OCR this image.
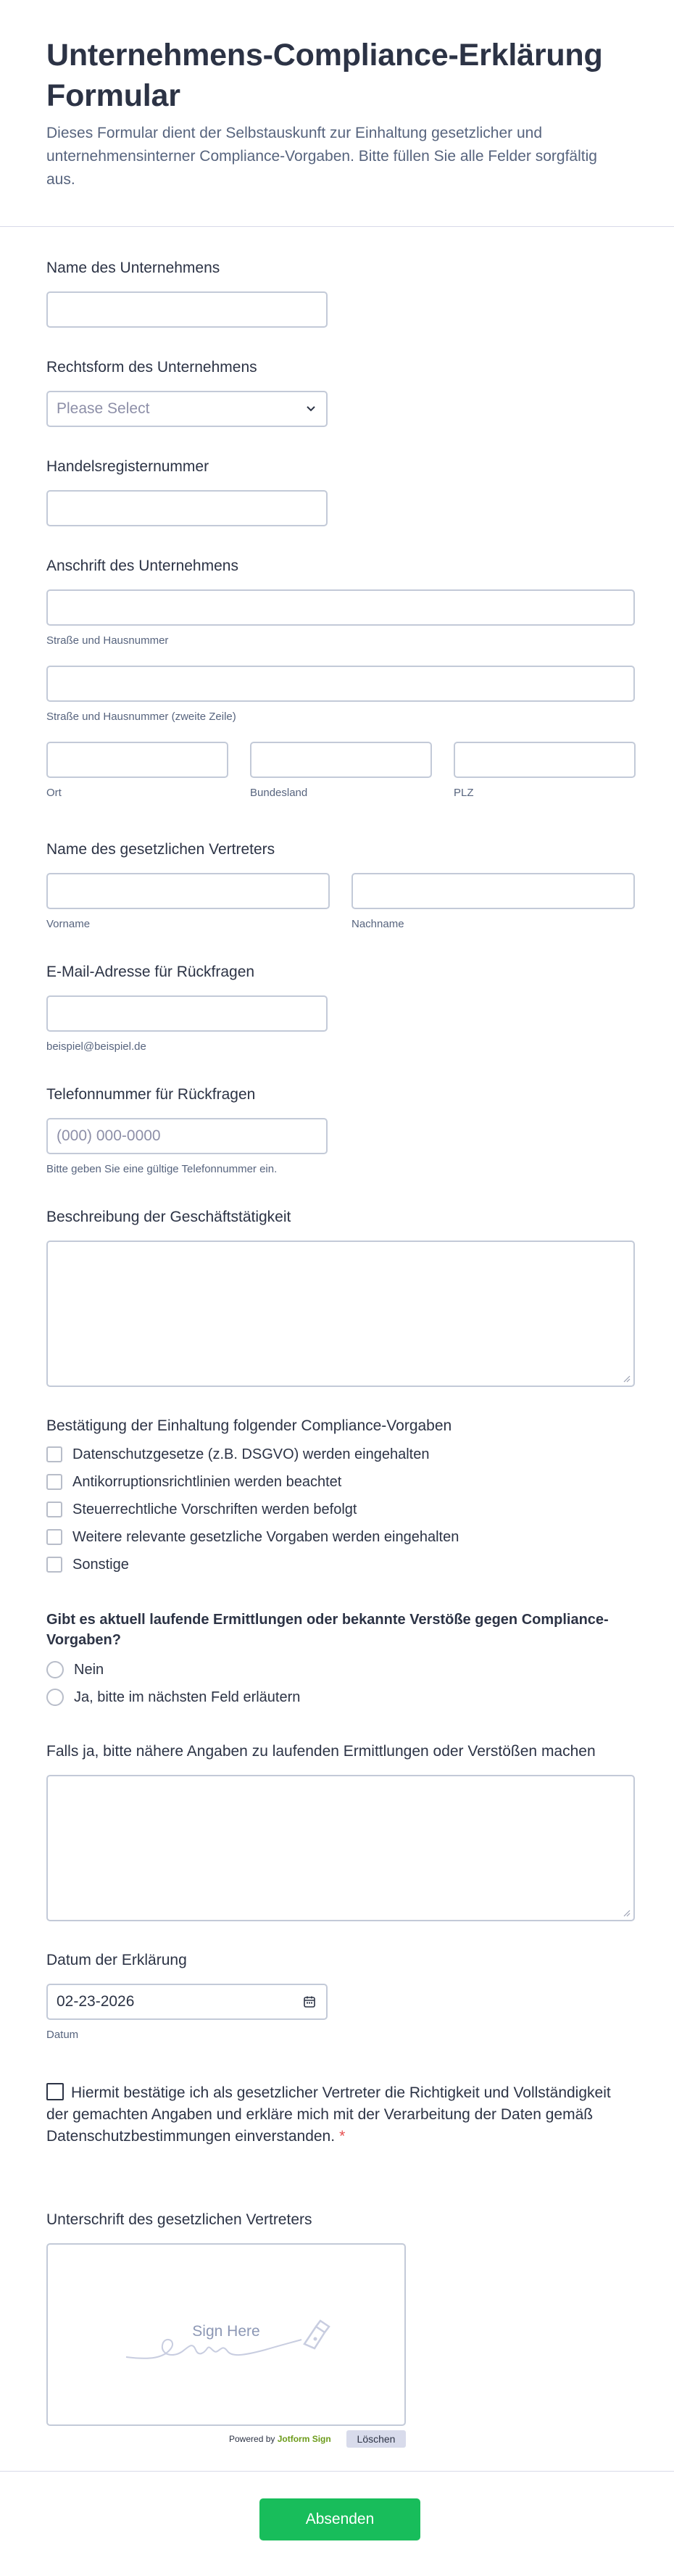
Unternehmens-Compliance-Erklärung Formular
Dieses Formular dient der Selbstauskunft zur Einhaltung gesetzlicher und unternehmensinterner Compliance-Vorgaben. Bitte füllen Sie alle Felder sorgfältig aus.
Name des Unternehmens
Rechtsform des Unternehmens
Please Select
Handelsregisternummer
Anschrift des Unternehmens
Straße und Hausnummer
Straße und Hausnummer (zweite Zeile)
Ort	Bundesland	PLZ
Name des gesetzlichen Vertreters
Vorname	Nachname
E-Mail-Adresse für Rückfragen
beispiel@beispiel.de
Telefonnummer für Rückfragen
(000) 000-0000
Bitte geben Sie eine gültige Telefonnummer ein.
Beschreibung der Geschäftstätigkeit
Bestätigung der Einhaltung folgender Compliance-Vorgaben
Datenschutzgesetze (z.B. DSGVO) werden eingehalten
Antikorruptionsrichtlinien werden beachtet
Steuerrechtliche Vorschriften werden befolgt
Weitere relevante gesetzliche Vorgaben werden eingehalten
Sonstige
Gibt es aktuell laufende Ermittlungen oder bekannte Verstöße gegen Compliance-Vorgaben?
Nein
Ja, bitte im nächsten Feld erläutern
Falls ja, bitte nähere Angaben zu laufenden Ermittlungen oder Verstößen machen
Datum der Erklärung
02-23-2026
Datum
Hiermit bestätige ich als gesetzlicher Vertreter die Richtigkeit und Vollständigkeit der gemachten Angaben und erkläre mich mit der Verarbeitung der Daten gemäß Datenschutzbestimmungen einverstanden. *
Unterschrift des gesetzlichen Vertreters
Sign Here
Powered by Jotform Sign	Löschen
Absenden
